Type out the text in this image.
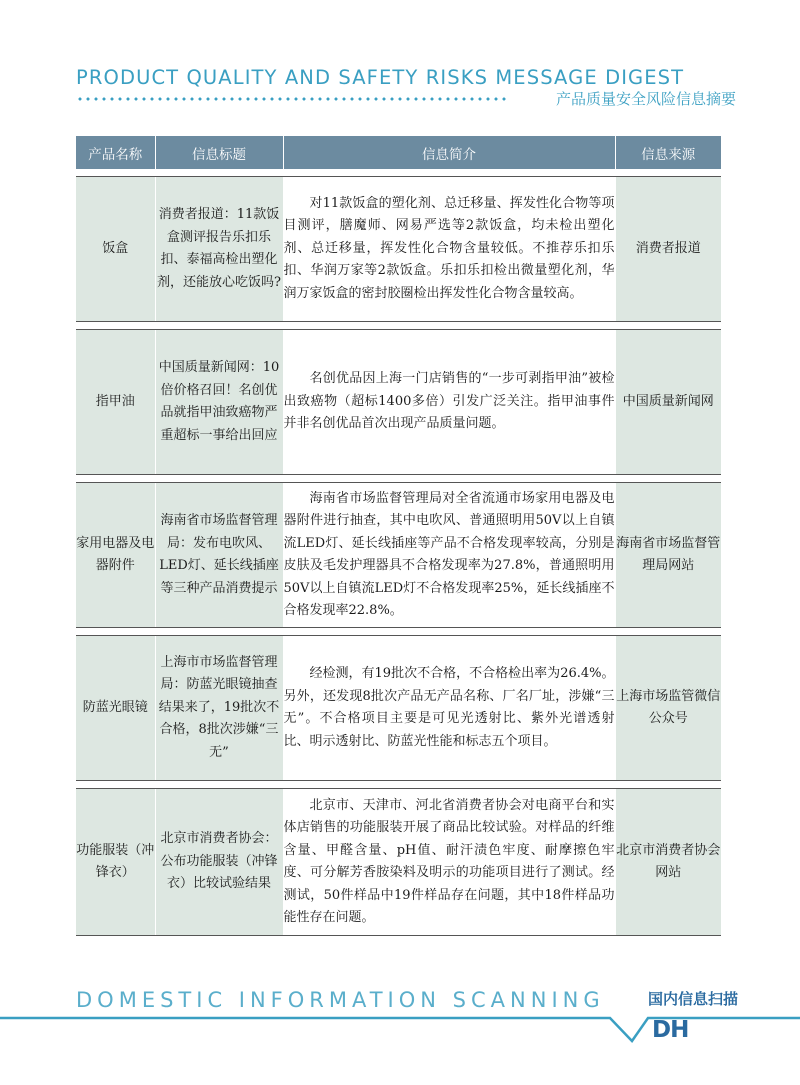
PRODUCT QUALITY AND SAFETY RISKS MESSAGE DIGEST
产品质量安全风险信息摘要
产品名称	信息标题	信息简介	信息来源

饭盒	消费者报道：11款饭盒测评报告乐扣乐扣、泰福高检出塑化剂，还能放心吃饭吗?	对11款饭盒的塑化剂、总迁移量、挥发性化合物等项目测评，膳魔师、网易严选等2款饭盒，均未检出塑化剂、总迁移量，挥发性化合物含量较低。不推荐乐扣乐扣、华润万家等2款饭盒。乐扣乐扣检出微量塑化剂，华润万家饭盒的密封胶圈检出挥发性化合物含量较高。	消费者报道

指甲油	中国质量新闻网：10倍价格召回！名创优品就指甲油致癌物严重超标一事给出回应	名创优品因上海一门店销售的“一步可剥指甲油”被检出致癌物（超标1400多倍）引发广泛关注。指甲油事件并非名创优品首次出现产品质量问题。	中国质量新闻网

家用电器及电器附件	海南省市场监督管理局：发布电吹风、LED灯、延长线插座等三种产品消费提示	海南省市场监督管理局对全省流通市场家用电器及电器附件进行抽查，其中电吹风、普通照明用50V以上自镇流LED灯、延长线插座等产品不合格发现率较高，分别是皮肤及毛发护理器具不合格发现率为27.8%，普通照明用50V以上自镇流LED灯不合格发现率25%，延长线插座不合格发现率22.8%。	海南省市场监督管理局网站

防蓝光眼镜	上海市市场监督管理局：防蓝光眼镜抽查结果来了，19批次不合格，8批次涉嫌“三无”	经检测，有19批次不合格，不合格检出率为26.4%。另外，还发现8批次产品无产品名称、厂名厂址，涉嫌“三无”。不合格项目主要是可见光透射比、紫外光谱透射比、明示透射比、防蓝光性能和标志五个项目。	上海市场监管微信公众号

功能服装（冲锋衣）	北京市消费者协会：公布功能服装（冲锋衣）比较试验结果	北京市、天津市、河北省消费者协会对电商平台和实体店销售的功能服装开展了商品比较试验。对样品的纤维含量、甲醛含量、pH值、耐汗渍色牢度、耐摩擦色牢度、可分解芳香胺染料及明示的功能项目进行了测试。经测试，50件样品中19件样品存在问题，其中18件样品功能性存在问题。	北京市消费者协会网站
DOMESTIC INFORMATION SCANNING	国内信息扫描
DH
